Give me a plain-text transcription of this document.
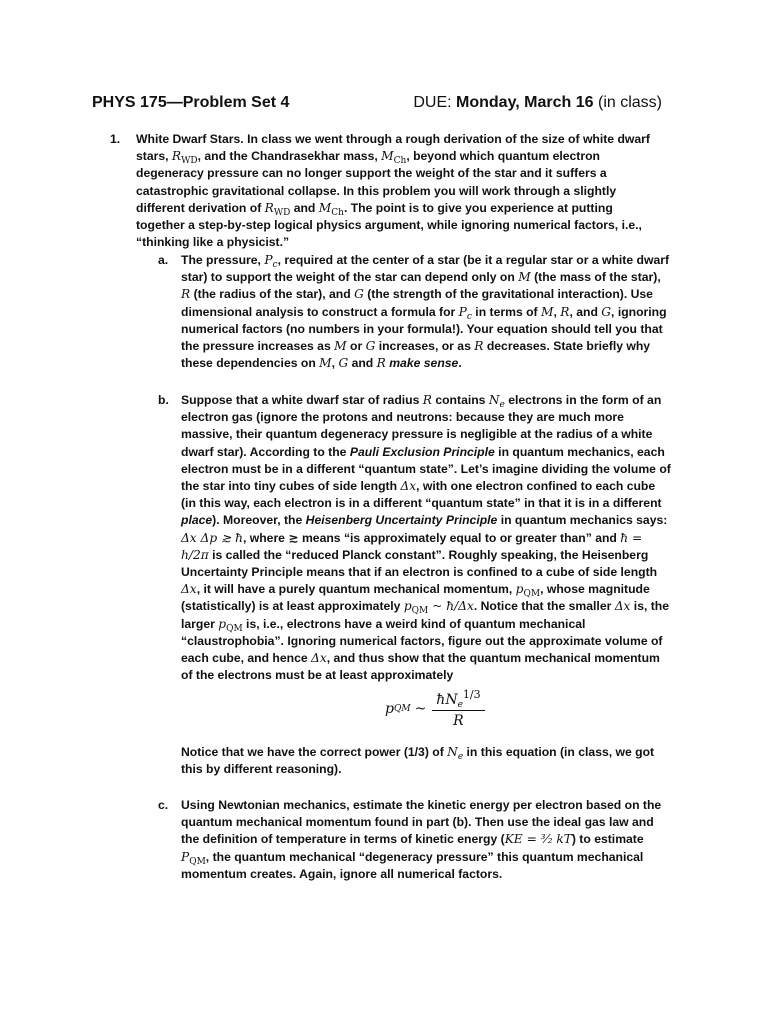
PHYS 175—Problem Set 4	DUE: Monday, March 16 (in class)
1. White Dwarf Stars. In class we went through a rough derivation of the size of white dwarf stars, $R_{WD}$, and the Chandrasekhar mass, $M_{Ch}$, beyond which quantum electron degeneracy pressure can no longer support the weight of the star and it suffers a catastrophic gravitational collapse. In this problem you will work through a slightly different derivation of $R_{WD}$ and $M_{Ch}$. The point is to give you experience at putting together a step-by-step logical physics argument, while ignoring numerical factors, i.e., “thinking like a physicist.”
a. The pressure, $P_c$, required at the center of a star (be it a regular star or a white dwarf star) to support the weight of the star can depend only on M (the mass of the star), R (the radius of the star), and G (the strength of the gravitational interaction). Use dimensional analysis to construct a formula for $P_c$ in terms of M, R, and G, ignoring numerical factors (no numbers in your formula!). Your equation should tell you that the pressure increases as M or G increases, or as R decreases. State briefly why these dependencies on M, G and R make sense.
b. Suppose that a white dwarf star of radius R contains $N_e$ electrons in the form of an electron gas (ignore the protons and neutrons: because they are much more massive, their quantum degeneracy pressure is negligible at the radius of a white dwarf star). According to the Pauli Exclusion Principle in quantum mechanics, each electron must be in a different “quantum state”. Let’s imagine dividing the volume of the star into tiny cubes of side length Δx, with one electron confined to each cube (in this way, each electron is in a different “quantum state” in that it is in a different place). Moreover, the Heisenberg Uncertainty Principle in quantum mechanics says: Δx Δp ≳ ħ, where ≳ means “is approximately equal to or greater than” and ħ = h/2π is called the “reduced Planck constant”. Roughly speaking, the Heisenberg Uncertainty Principle means that if an electron is confined to a cube of side length Δx, it will have a purely quantum mechanical momentum, $p_{QM}$, whose magnitude (statistically) is at least approximately $p_{QM}$ ~ ħ/Δx. Notice that the smaller Δx is, the larger $p_{QM}$ is, i.e., electrons have a weird kind of quantum mechanical “claustrophobia”. Ignoring numerical factors, figure out the approximate volume of each cube, and hence Δx, and thus show that the quantum mechanical momentum of the electrons must be at least approximately
p QM ~ $\frac{ħN_e^{1/3}}{R}$
Notice that we have the correct power (1/3) of $N_e$ in this equation (in class, we got this by different reasoning).
c. Using Newtonian mechanics, estimate the kinetic energy per electron based on the quantum mechanical momentum found in part (b). Then use the ideal gas law and the definition of temperature in terms of kinetic energy (KE = ³⁄₂ kT) to estimate $P_{QM}$, the quantum mechanical “degeneracy pressure” this quantum mechanical momentum creates. Again, ignore all numerical factors.
